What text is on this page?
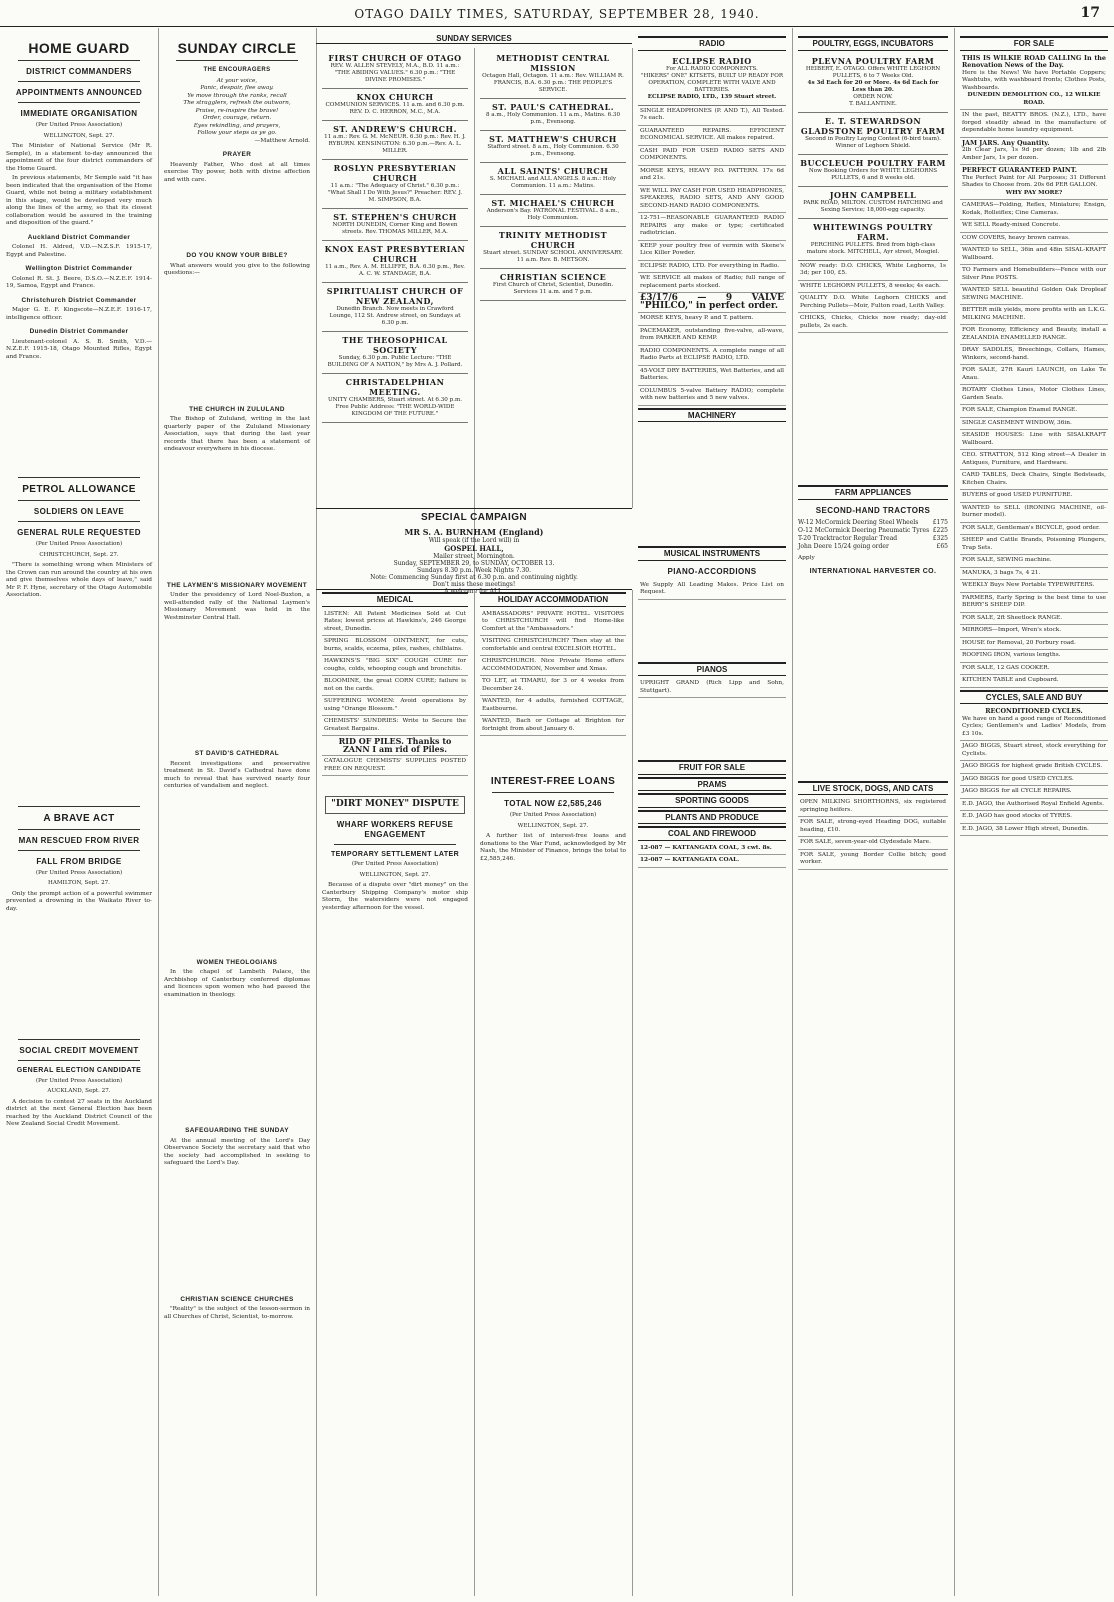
OTAGO DAILY TIMES, SATURDAY, SEPTEMBER 28, 1940.	17
HOME GUARD
DISTRICT COMMANDERS
APPOINTMENTS ANNOUNCED
IMMEDIATE ORGANISATION
(Per United Press Association)
WELLINGTON, Sept. 27.

The Minister of National Service (Mr R. Semple), in a statement to-day announced the appointment of the four district commanders of the Home Guard.

In previous statements, Mr Semple said "it has been indicated that the organisation of the Home Guard, while not being a military establishment in this stage, would be developed very much along the lines of the army, so that its closest collaboration would be assured in the training and disposition of the guard."

Auckland District Commander

Colonel H. Aldred, V.D.—N.Z.S.F. 1915-17, Egypt and Palestine.

Wellington District Commander

Colonel R. St. J. Beere, D.S.O.—N.Z.E.F. 1914-19, Samoa, Egypt and France.

Christchurch District Commander

Major G. E. F. Kingscote—N.Z.E.F. 1916-17, intelligence officer.

Dunedin District Commander

Lieutenant-colonel A. S. B. Smith, V.D.—N.Z.E.F. 1915-18, Otago Mounted Rifles, Egypt and France.

PETROL ALLOWANCE
SOLDIERS ON LEAVE
GENERAL RULE REQUESTED
(Per United Press Association)
CHRISTCHURCH, Sept. 27.

"There is something wrong when Ministers of the Crown can run around the country at his own and give themselves whole days of leave," said Mr P. F. Hyne, secretary of the Otago Automobile Association.

A BRAVE ACT
MAN RESCUED FROM RIVER
FALL FROM BRIDGE
(Per United Press Association)
HAMILTON, Sept. 27.

Only the prompt action of a powerful swimmer prevented a drowning in the Waikato River to-day.

SOCIAL CREDIT MOVEMENT
GENERAL ELECTION CANDIDATE
(Per United Press Association)
AUCKLAND, Sept. 27.

A decision to contest 27 seats in the Auckland district at the next General Election has been reached by the Auckland District Council of the New Zealand Social Credit Movement.

SUNDAY CIRCLE
THE ENCOURAGERS
At your voice,
Panic, despair, flee away.
Ye move through the ranks, recall
The stragglers, refresh the outworn,
Praise, re-inspire the brave!
Order, courage, return.
Eyes rekindling, and prayers,
Follow your steps as ye go.
—Matthew Arnold.
PRAYER

Heavenly Father, Who dost at all times exercise Thy power, both with divine affection and with care.

DO YOU KNOW YOUR BIBLE?

What answers would you give to the following questions:—

THE CHURCH IN ZULULAND

The Bishop of Zululand, writing in the last quarterly paper of the Zululand Missionary Association, says that during the last year records that there has been a statement of endeavour everywhere in his diocese.

THE LAYMEN'S MISSIONARY MOVEMENT

Under the presidency of Lord Noel-Buxton, a well-attended rally of the National Laymen's Missionary Movement was held in the Westminster Central Hall.

ST DAVID'S CATHEDRAL

Recent investigations and preservative treatment in St. David's Cathedral have done much to reveal that has survived nearly four centuries of vandalism and neglect.

WOMEN THEOLOGIANS

In the chapel of Lambeth Palace, the Archbishop of Canterbury conferred diplomas and licences upon women who had passed the examination in theology.

SAFEGUARDING THE SUNDAY

At the annual meeting of the Lord's Day Observance Society the secretary said that who the society had accomplished in seeking to safeguard the Lord's Day.

CHRISTIAN SCIENCE CHURCHES

"Reality" is the subject of the lesson-sermon in all Churches of Christ, Scientist, to-morrow.

SUNDAY SERVICES
FIRST CHURCH OF OTAGO
REV. W. ALLEN STEVELY, M.A., B.D. 11 a.m.: "THE ABIDING VALUES." 6.30 p.m.: "THE DIVINE PROMISES."
KNOX CHURCH
COMMUNION SERVICES. 11 a.m. and 6.30 p.m. REV. D. C. HERRON, M.C., M.A.
ST. ANDREW'S CHURCH.
11 a.m.: Rev. G. M. McNEUR. 6.30 p.m.: Rev. H. J. RYBURN. KENSINGTON: 6.30 p.m.—Rev. A. L. MILLER.
ROSLYN PRESBYTERIAN CHURCH
11 a.m.: "The Adequacy of Christ." 6.30 p.m.: "What Shall I Do With Jesus?" Preacher: REV. J. M. SIMPSON, B.A.
ST. STEPHEN'S CHURCH
NORTH DUNEDIN, Corner King and Bowen streets. Rev. THOMAS MILLER, M.A.
KNOX EAST PRESBYTERIAN CHURCH
11 a.m., Rev. A. M. ELLIFFE, B.A. 6.30 p.m., Rev. A. C. W. STANDAGE, B.A.
SPIRITUALIST CHURCH OF NEW ZEALAND,
Dunedin Branch. Now meets in Crawford Lounge, 112 St. Andrew street, on Sundays at 6.30 p.m.
THE THEOSOPHICAL SOCIETY
Sunday, 6.30 p.m. Public Lecture: "THE BUILDING OF A NATION," by Mrs A. J. Pollard.
CHRISTADELPHIAN MEETING.
UNITY CHAMBERS, Stuart street. At 6.30 p.m. Free Public Address: "THE WORLD-WIDE KINGDOM OF THE FUTURE."
METHODIST CENTRAL MISSION
Octagon Hall, Octagon. 11 a.m.: Rev. WILLIAM R. FRANCIS, B.A. 6.30 p.m.: THE PEOPLE'S SERVICE.
ST. PAUL'S CATHEDRAL.
8 a.m., Holy Communion. 11 a.m., Matins. 6.30 p.m., Evensong.
ST. MATTHEW'S CHURCH
Stafford street. 8 a.m., Holy Communion. 6.30 p.m., Evensong.
ALL SAINTS' CHURCH
S. MICHAEL and ALL ANGELS. 8 a.m.: Holy Communion. 11 a.m.: Matins.
ST. MICHAEL'S CHURCH
Anderson's Bay. PATRONAL FESTIVAL. 8 a.m., Holy Communion.
TRINITY METHODIST CHURCH
Stuart street. SUNDAY SCHOOL ANNIVERSARY. 11 a.m. Rev. B. METSON.
CHRISTIAN SCIENCE
First Church of Christ, Scientist, Dunedin. Services 11 a.m. and 7 p.m.
SPECIAL CAMPAIGN
MR S. A. BURNHAM (England)
Will speak (if the Lord will) in
GOSPEL HALL,
Mailer street, Mornington.
Sunday, SEPTEMBER 29, to SUNDAY, OCTOBER 13.
Sundays 8.30 p.m. Week Nights 7.30.
Note: Commencing Sunday first at 6.30 p.m. and continuing nightly.
Don't miss these meetings!
A welcome for ALL.
MEDICAL
LISTEN: All Patent Medicines Sold at Cut Rates; lowest prices at Hawkins's, 246 George street, Dunedin.
SPRING BLOSSOM OINTMENT, for cuts, burns, scalds, eczema, piles, rashes, chilblains.
HAWKINS'S "BIG SIX" COUGH CURE for coughs, colds, whooping cough and bronchitis.
BLOOMINE, the great CORN CURE; failure is not on the cards.
SUFFERING WOMEN: Avoid operations by using "Orange Blossom."
CHEMISTS' SUNDRIES: Write to Secure the Greatest Bargains.
RID OF PILES. Thanks to ZANN I am rid of Piles.
CATALOGUE CHEMISTS' SUPPLIES POSTED FREE ON REQUEST.
"DIRT MONEY" DISPUTE
WHARF WORKERS REFUSE ENGAGEMENT
TEMPORARY SETTLEMENT LATER
(Per United Press Association)
WELLINGTON, Sept. 27.

Because of a dispute over "dirt money" on the Canterbury Shipping Company's motor ship Storm, the watersiders were not engaged yesterday afternoon for the vessel.

HOLIDAY ACCOMMODATION
AMBASSADORS" PRIVATE HOTEL. VISITORS to CHRISTCHURCH will find Home-like Comfort at the "Ambassadors."
VISITING CHRISTCHURCH? Then stay at the comfortable and central EXCELSIOR HOTEL.
CHRISTCHURCH. Nice Private Home offers ACCOMMODATION, November and Xmas.
TO LET, at TIMARU, for 3 or 4 weeks from December 24.
WANTED, for 4 adults, furnished COTTAGE, Eastbourne.
WANTED, Bach or Cottage at Brighton for fortnight from about January 6.
INTEREST-FREE LOANS
TOTAL NOW £2,585,246
(Per United Press Association)
WELLINGTON, Sept. 27.

A further list of interest-free loans and donations to the War Fund, acknowledged by Mr Nash, the Minister of Finance, brings the total to £2,585,246.

RADIO
ECLIPSE RADIO
For ALL RADIO COMPONENTS.
"HIKERS" ONE" KITSETS, BUILT UP READY FOR OPERATION, COMPLETE WITH VALVE AND BATTERIES.
ECLIPSE RADIO, LTD., 139 Stuart street.
SINGLE HEADPHONES (P. AND T.), All Tested. 7s each.
GUARANTEED REPAIRS. EFFICIENT ECONOMICAL SERVICE. All makes repaired.
CASH PAID FOR USED RADIO SETS AND COMPONENTS.
MORSE KEYS, HEAVY P.O. PATTERN. 17s 6d and 21s.
WE WILL PAY CASH FOR USED HEADPHONES, SPEAKERS, RADIO SETS, AND ANY GOOD SECOND-HAND RADIO COMPONENTS.
12-751—REASONABLE GUARANTEED RADIO REPAIRS any make or type; certificated radiotrician.
KEEP your poultry free of vermin with Skene's Lice Killer Powder.
ECLIPSE RADIO, LTD. For everything in Radio.
WE SERVICE all makes of Radio; full range of replacement parts stocked.
£3/17/6 — 9 VALVE "PHILCO," in perfect order.
MORSE KEYS, heavy P. and T. pattern.
PACEMAKER, outstanding five-valve, all-wave, from PARKER AND KEMP.
RADIO COMPONENTS. A complete range of all Radio Parts at ECLIPSE RADIO, LTD.
45-VOLT DRY BATTERIES, Wet Batteries, and all Batteries.
COLUMBUS 5-valve Battery RADIO; complete with new batteries and 5 new valves.
MACHINERY
MUSICAL INSTRUMENTS
PIANO-ACCORDIONS
We Supply All Leading Makes. Price List on Request.
PIANOS
UPRIGHT GRAND (Rich Lipp and Sohn, Stuttgart).
FRUIT FOR SALE
PRAMS
SPORTING GOODS
PLANTS AND PRODUCE
COAL AND FIREWOOD
12-087 — KATTANGATA COAL, 3 cwt. 8s.
12-087 — KATTANGATA COAL.
POULTRY, EGGS, INCUBATORS
PLEVNA POULTRY FARM
HEIBERT, E. OTAGO. Offers WHITE LEGHORN PULLETS, 6 to 7 Weeks Old.
4s 3d Each for 20 or More. 4s 6d Each for Less than 20.
ORDER NOW.
T. BALLANTINE.
E. T. STEWARDSON GLADSTONE POULTRY FARM
Second in Poultry Laying Contest (6-bird team). Winner of Leghorn Shield.
BUCCLEUCH POULTRY FARM
Now Booking Orders for WHITE LEGHORNS PULLETS, 6 and 8 weeks old.
JOHN CAMPBELL
PARK ROAD, MILTON. CUSTOM HATCHING and Sexing Service; 18,000-egg capacity.
WHITEWINGS POULTRY FARM.
PERCHING PULLETS. Bred from high-class mature stock. MITCHELL, Ayr street, Mosgiel.
NOW ready: D.O. CHICKS, White Leghorns, 1s 3d; per 100, £5.
WHITE LEGHORN PULLETS, 8 weeks; 4s each.
QUALITY D.O. White Leghorn CHICKS and Perching Pullets—Moir, Fulton road, Leith Valley.
CHICKS, Chicks, Chicks now ready; day-old pullets, 2s each.
FARM APPLIANCES
SECOND-HAND TRACTORS
W-12 McCormick Deering Steel Wheels £175
O-12 McCormick Deering Pneumatic Tyres £225
T-20 Tracktractor Regular Tread	£325
John Deere 15/24 going order	£65
Apply
INTERNATIONAL HARVESTER CO.
LIVE STOCK, DOGS, AND CATS
OPEN MILKING SHORTHORNS, six registered springing heifers.
FOR SALE, strong-eyed Heading DOG, suitable heading, £10.
FOR SALE, seven-year-old Clydesdale Mare.
FOR SALE, young Border Collie bitch; good worker.
FOR SALE
THIS IS WILKIE ROAD CALLING In the Renovation News of the Day.
Here is the News! We have Portable Coppers; Washtubs, with washboard fronts; Clothes Posts, Washboards.
DUNEDIN DEMOLITION CO., 12 WILKIE ROAD.
IN the past, BEATTY BROS. (N.Z.), LTD., have forged steadily ahead in the manufacture of dependable home laundry equipment.
JAM JARS. Any Quantity.
2lb Clear Jars, 1s 9d per dozen; 1lb and 2lb Amber Jars, 1s per dozen.
PERFECT GUARANTEED PAINT.
The Perfect Paint for All Purposes; 31 Different Shades to Choose from. 20s 6d PER GALLON.
WHY PAY MORE?
CAMERAS—Folding, Reflex, Miniature; Ensign, Kodak, Rolleiflex; Cine Cameras.
WE SELL Ready-mixed Concrete.
COW COVERS, heavy brown canvas.
WANTED to SELL, 36in and 48in SISAL-KRAFT Wallboard.
TO Farmers and Homebuilders—Fence with our Silver Pine POSTS.
WANTED SELL beautiful Golden Oak Dropleaf SEWING MACHINE.
BETTER milk yields, more profits with an L.K.G. MILKING MACHINE.
FOR Economy, Efficiency and Beauty, install a ZEALANDIA ENAMELLED RANGE.
DRAY SADDLES, Breechings, Collars, Hames, Winkers, second-hand.
FOR SALE, 27ft Kauri LAUNCH, on Lake Te Anau.
ROTARY Clothes Lines, Motor Clothes Lines, Garden Seats.
FOR SALE, Champion Enamel RANGE.
SINGLE CASEMENT WINDOW, 36in.
SEASIDE HOUSES: Line with SISALKRAFT Wallboard.
CEO. STRATTON, 512 King street—A Dealer in Antiques, Furniture, and Hardware.
CARD TABLES, Deck Chairs, Single Bedsteads, Kitchen Chairs.
BUYERS of good USED FURNITURE.
WANTED to SELL (IRONING MACHINE, oil-burner model).
FOR SALE, Gentleman's BICYCLE, good order.
SHEEP and Cattle Brands, Poisoning Plungers, Trap Sets.
FOR SALE, SEWING machine.
MANUKA, 3 bags 7s, 4 21.
WEEKLY Buys New Portable TYPEWRITERS.
FARMERS, Early Spring is the best time to use BERRY'S SHEEP DIP.
FOR SALE, 2ft Sheetlock RANGE.
MIRRORS—Import, Wren's stock.
HOUSE for Removal, 20 Forbury road.
ROOFING IRON, various lengths.
FOR SALE, 12 GAS COOKER.
KITCHEN TABLE and Cupboard.
CYCLES, SALE AND BUY
RECONDITIONED CYCLES.
We have on hand a good range of Reconditioned Cycles; Gentlemen's and Ladies' Models, from £3 10s.
JAGO BIGGS, Stuart street, stock everything for Cyclists.
JAGO BIGGS for highest grade British CYCLES.
JAGO BIGGS for good USED CYCLES.
JAGO BIGGS for all CYCLE REPAIRS.
E.D. JAGO, the Authorised Royal Enfield Agents.
E.D. JAGO has good stocks of TYRES.
E.D. JAGO, 38 Lower High street, Dunedin.
